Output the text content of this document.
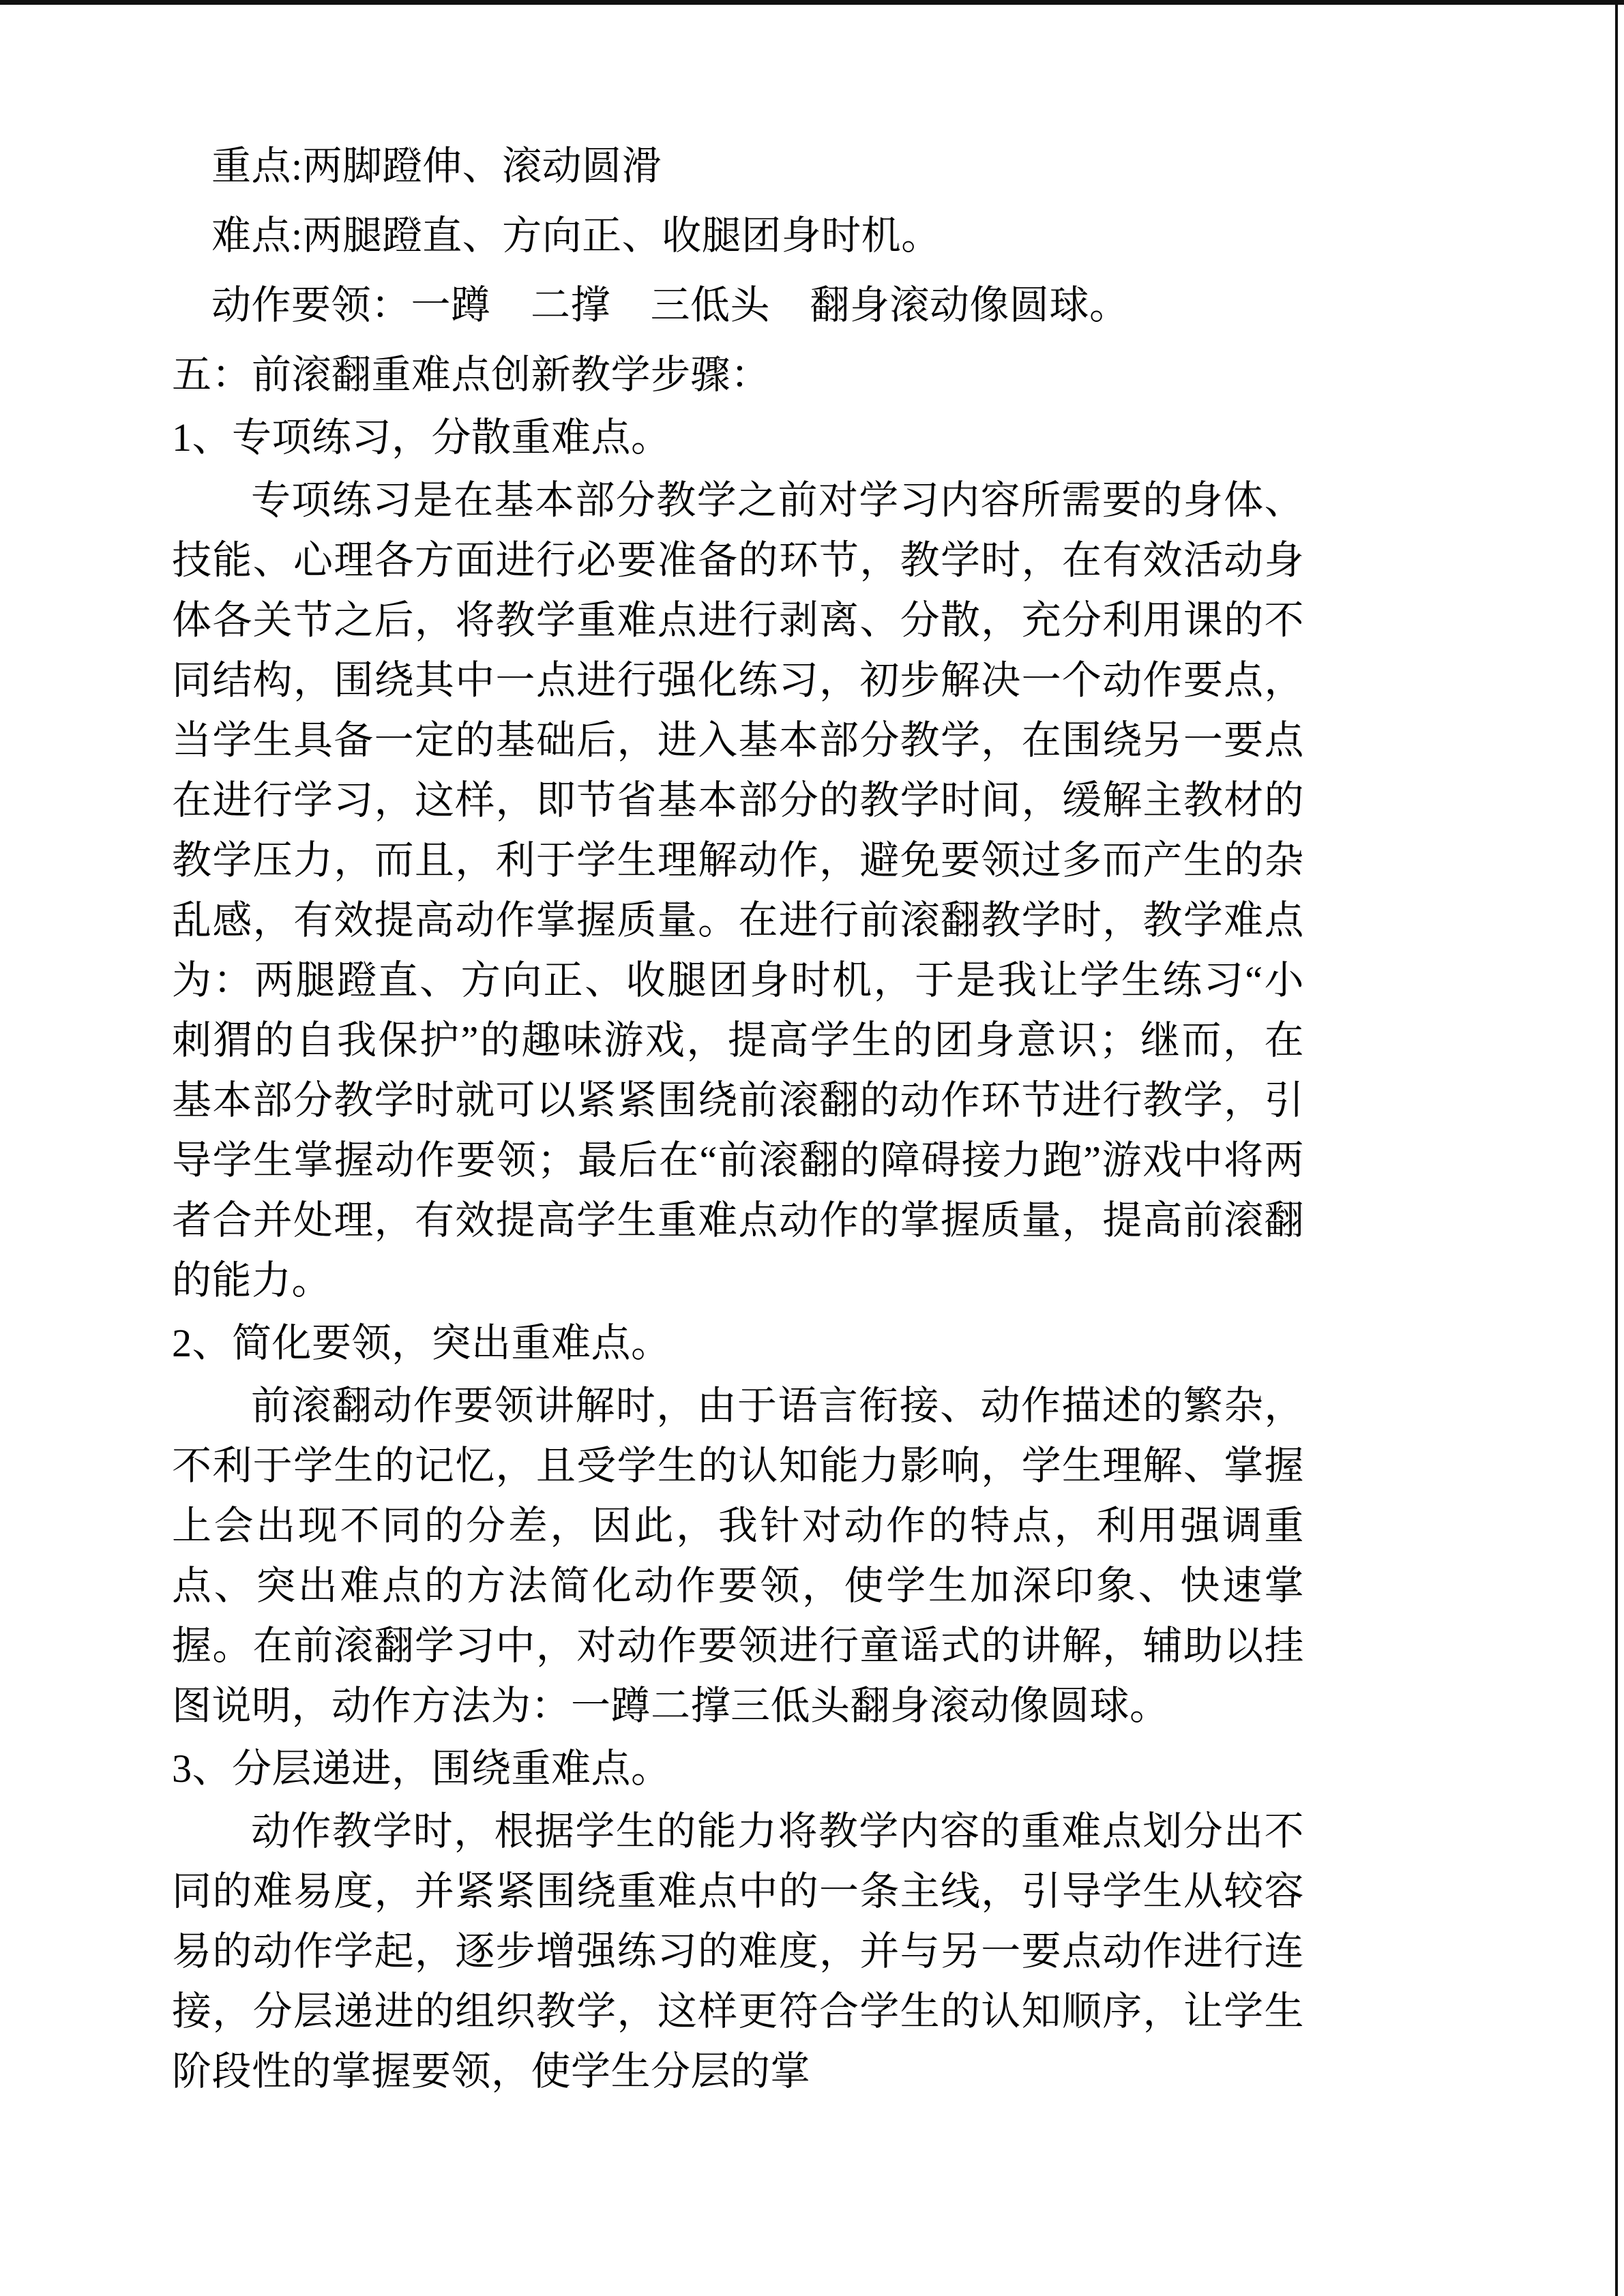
重点:两脚蹬伸、滚动圆滑

难点:两腿蹬直、方向正、收腿团身时机。

动作要领：一蹲　二撑　三低头　翻身滚动像圆球。

五：前滚翻重难点创新教学步骤：

1、专项练习，分散重难点。

专项练习是在基本部分教学之前对学习内容所需要的身体、技能、心理各方面进行必要准备的环节，教学时，在有效活动身体各关节之后，将教学重难点进行剥离、分散，充分利用课的不同结构，围绕其中一点进行强化练习，初步解决一个动作要点，当学生具备一定的基础后，进入基本部分教学，在围绕另一要点在进行学习，这样，即节省基本部分的教学时间，缓解主教材的教学压力，而且，利于学生理解动作，避免要领过多而产生的杂乱感，有效提高动作掌握质量。在进行前滚翻教学时，教学难点为：两腿蹬直、方向正、收腿团身时机，于是我让学生练习“小刺猬的自我保护”的趣味游戏，提高学生的团身意识；继而，在基本部分教学时就可以紧紧围绕前滚翻的动作环节进行教学，引导学生掌握动作要领；最后在“前滚翻的障碍接力跑”游戏中将两者合并处理，有效提高学生重难点动作的掌握质量，提高前滚翻的能力。

2、简化要领，突出重难点。

前滚翻动作要领讲解时，由于语言衔接、动作描述的繁杂，不利于学生的记忆，且受学生的认知能力影响，学生理解、掌握上会出现不同的分差，因此，我针对动作的特点，利用强调重点、突出难点的方法简化动作要领，使学生加深印象、快速掌握。在前滚翻学习中，对动作要领进行童谣式的讲解，辅助以挂图说明，动作方法为：一蹲二撑三低头翻身滚动像圆球。

3、分层递进，围绕重难点。

动作教学时，根据学生的能力将教学内容的重难点划分出不同的难易度，并紧紧围绕重难点中的一条主线，引导学生从较容易的动作学起，逐步增强练习的难度，并与另一要点动作进行连接，分层递进的组织教学，这样更符合学生的认知顺序，让学生阶段性的掌握要领，使学生分层的掌
